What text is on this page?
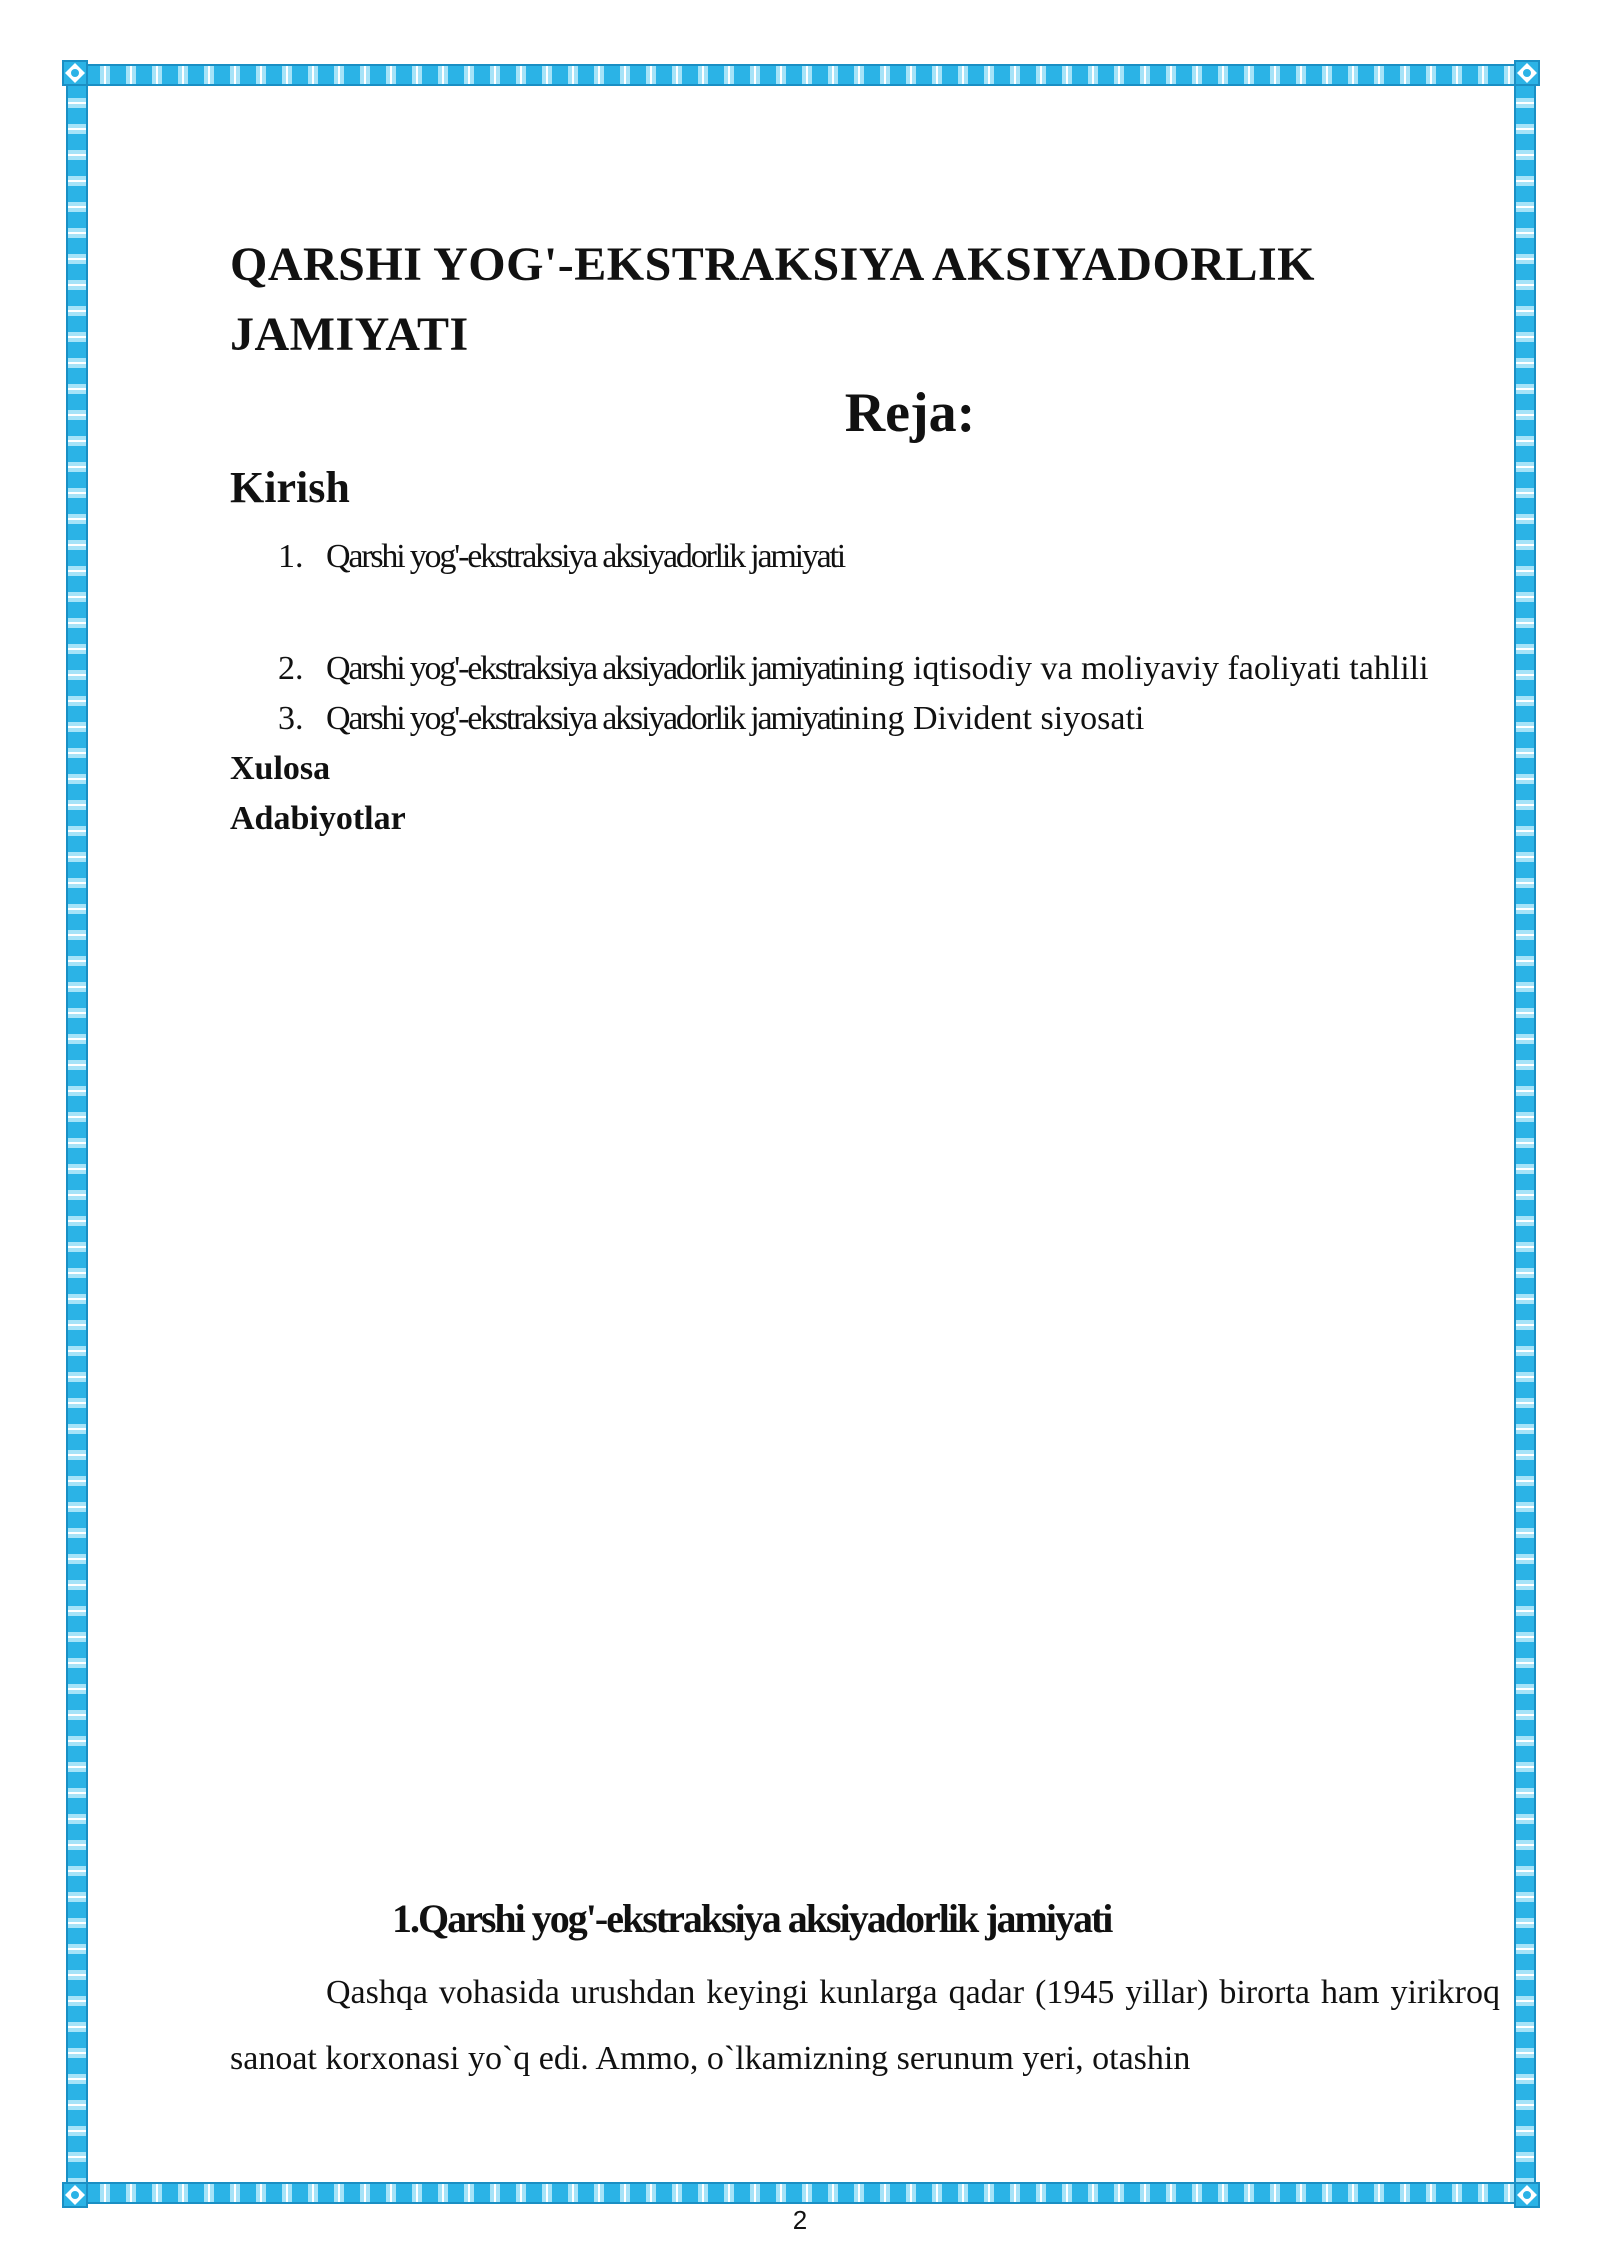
QARSHI YOG'-EKSTRAKSIYA AKSIYADORLIK JAMIYATI
Reja:
Kirish
1. Qarshi yog'-ekstraksiya aksiyadorlik jamiyati
2. Qarshi yog'-ekstraksiya aksiyadorlik jamiyatining iqtisodiy va moliyaviy faoliyati tahlili
3. Qarshi yog'-ekstraksiya aksiyadorlik jamiyatining Divident siyosati

Xulosa

Adabiyotlar

1.Qarshi yog'-ekstraksiya aksiyadorlik jamiyati

Qashqa vohasida urushdan keyingi kunlarga qadar (1945 yillar) birorta ham yirikroq sanoat korxonasi yo`q edi. Ammo, o`lkamizning serunum yeri, otashin

2
